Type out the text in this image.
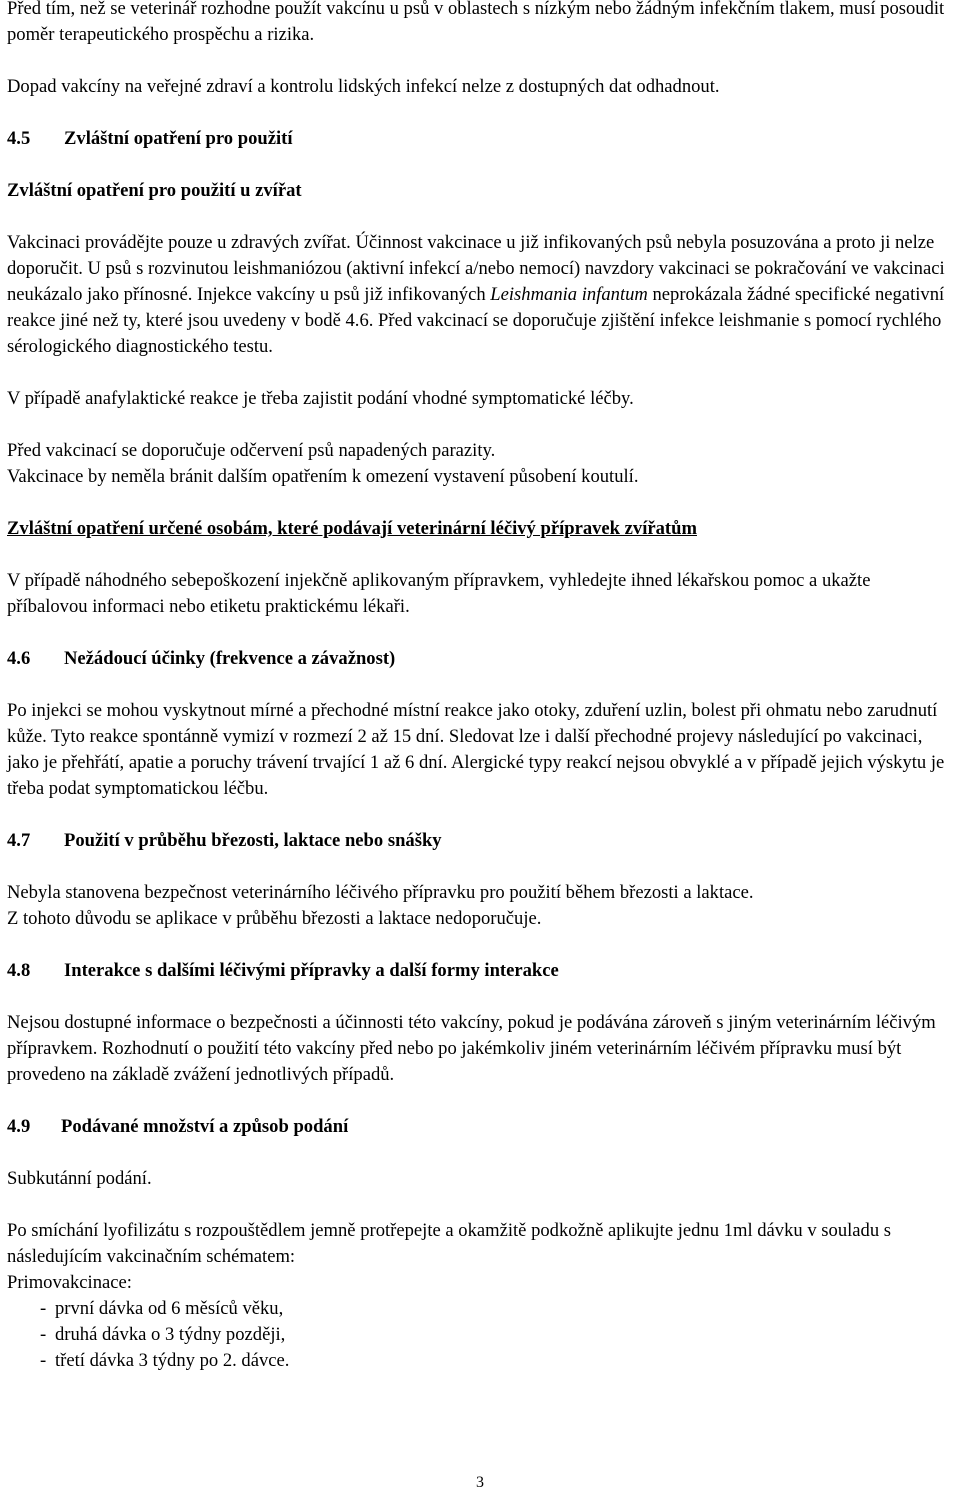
Před tím, než se veterinář rozhodne použít vakcínu u psů v oblastech s nízkým nebo žádným infekčním tlakem, musí posoudit poměr terapeutického prospěchu a rizika.

Dopad vakcíny na veřejné zdraví a kontrolu lidských infekcí nelze z dostupných dat odhadnout.

4.5 Zvláštní opatření pro použití

Zvláštní opatření pro použití u zvířat

Vakcinaci provádějte pouze u zdravých zvířat. Účinnost vakcinace u již infikovaných psů nebyla posuzována a proto ji nelze doporučit. U psů s rozvinutou leishmaniózou (aktivní infekcí a/nebo nemocí) navzdory vakcinaci se pokračování ve vakcinaci neukázalo jako přínosné. Injekce vakcíny u psů již infikovaných Leishmania infantum neprokázala žádné specifické negativní reakce jiné než ty, které jsou uvedeny v bodě 4.6. Před vakcinací se doporučuje zjištění infekce leishmanie s pomocí rychlého sérologického diagnostického testu.

V případě anafylaktické reakce je třeba zajistit podání vhodné symptomatické léčby.

Před vakcinací se doporučuje odčervení psů napadených parazity.

Vakcinace by neměla bránit dalším opatřením k omezení vystavení působení koutulí.

Zvláštní opatření určené osobám, které podávají veterinární léčivý přípravek zvířatům

V případě náhodného sebepoškození injekčně aplikovaným přípravkem, vyhledejte ihned lékařskou pomoc a ukažte příbalovou informaci nebo etiketu praktickému lékaři.

4.6 Nežádoucí účinky (frekvence a závažnost)

Po injekci se mohou vyskytnout mírné a přechodné místní reakce jako otoky, zduření uzlin, bolest při ohmatu nebo zarudnutí kůže. Tyto reakce spontánně vymizí v rozmezí 2 až 15 dní. Sledovat lze i další přechodné projevy následující po vakcinaci, jako je přehřátí, apatie a poruchy trávení trvající 1 až 6 dní. Alergické typy reakcí nejsou obvyklé a v případě jejich výskytu je třeba podat symptomatickou léčbu.

4.7 Použití v průběhu březosti, laktace nebo snášky

Nebyla stanovena bezpečnost veterinárního léčivého přípravku pro použití během březosti a laktace.

Z tohoto důvodu se aplikace v průběhu březosti a laktace nedoporučuje.

4.8 Interakce s dalšími léčivými přípravky a další formy interakce

Nejsou dostupné informace o bezpečnosti a účinnosti této vakcíny, pokud je podávána zároveň s jiným veterinárním léčivým přípravkem. Rozhodnutí o použití této vakcíny před nebo po jakémkoliv jiném veterinárním léčivém přípravku musí být provedeno na základě zvážení jednotlivých případů.

4.9 Podávané množství a způsob podání

Subkutánní podání.

Po smíchání lyofilizátu s rozpouštědlem jemně protřepejte a okamžitě podkožně aplikujte jednu 1ml dávku v souladu s následujícím vakcinačním schématem:

Primovakcinace:

- první dávka od 6 měsíců věku,
- druhá dávka o 3 týdny později,
- třetí dávka 3 týdny po 2. dávce.
3
